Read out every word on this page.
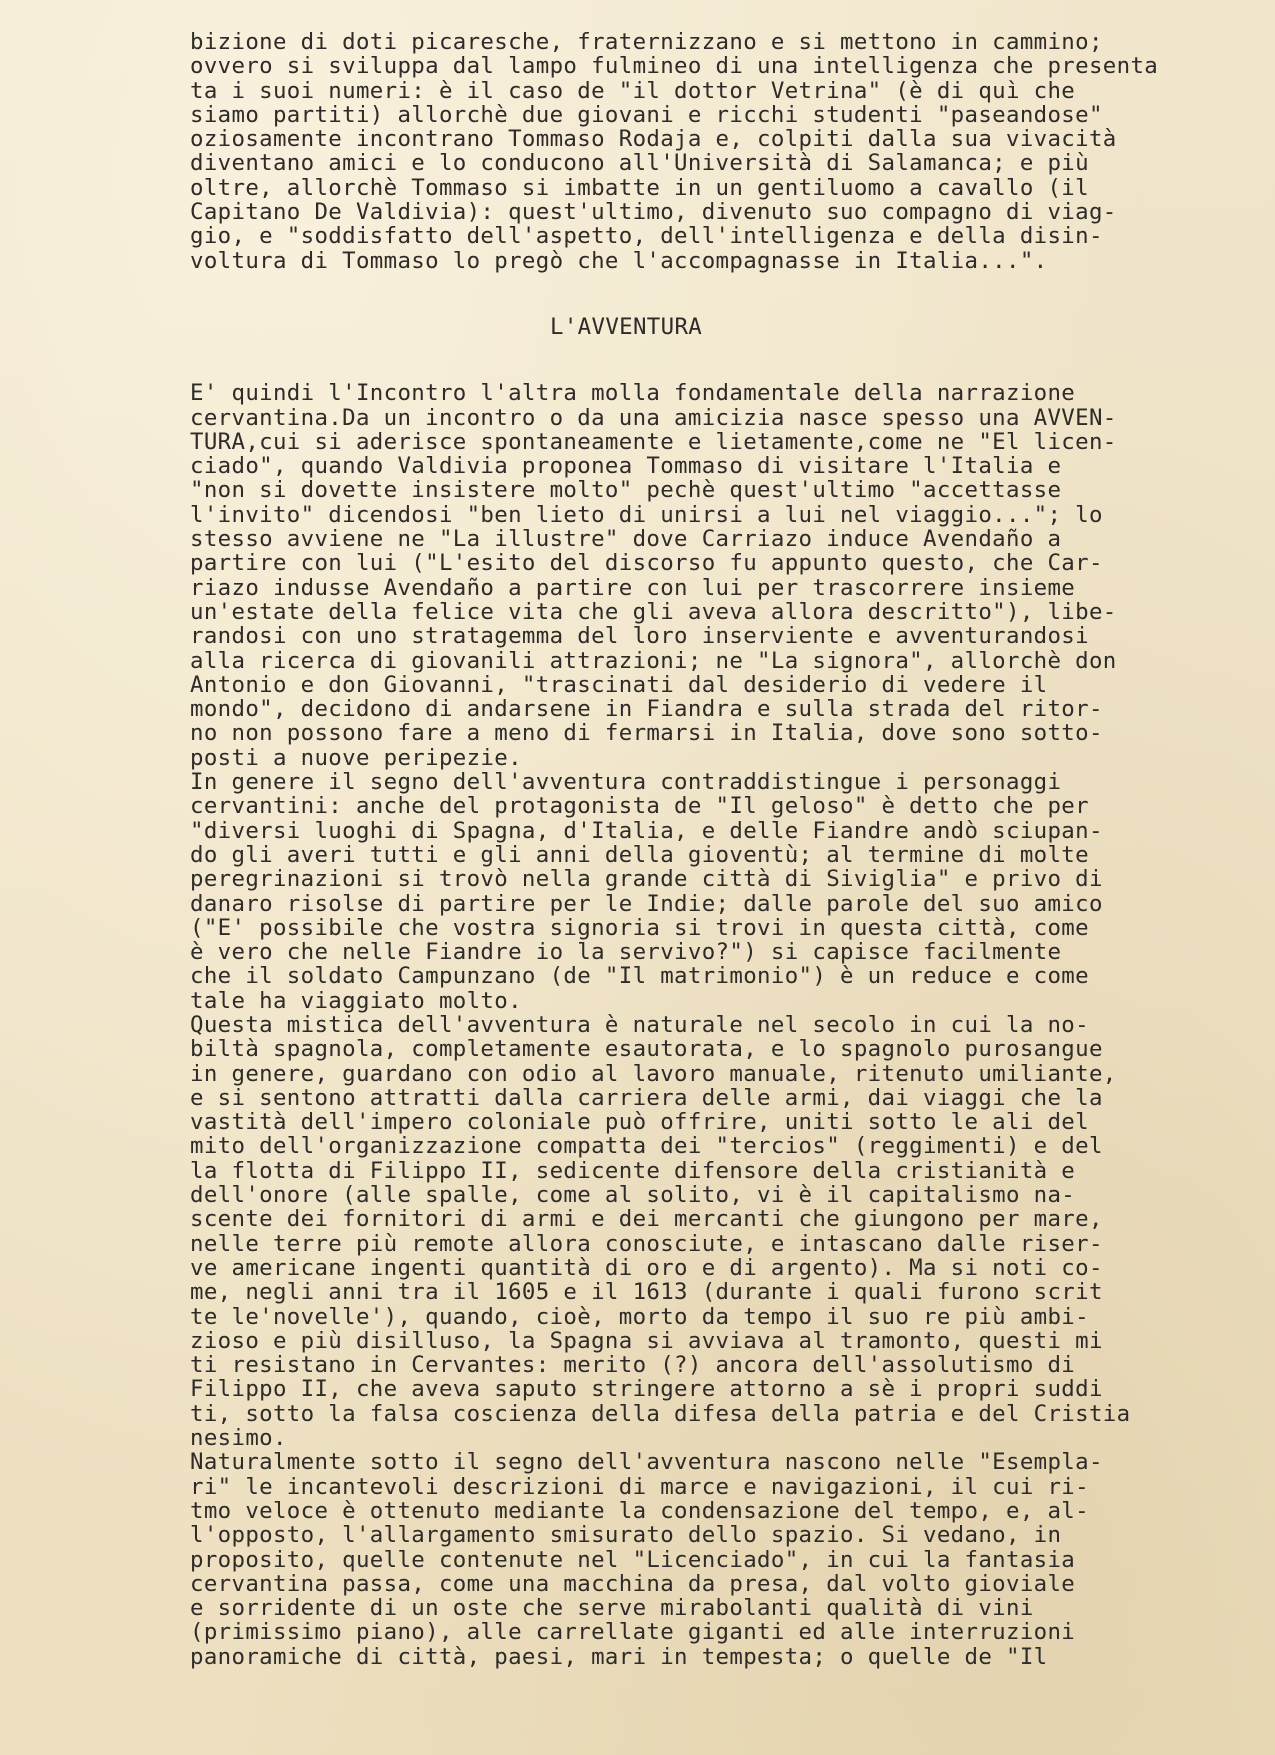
bizione di doti picaresche, fraternizzano e si mettono in cammino;
ovvero si sviluppa dal lampo fulmineo di una intelligenza che presenta
ta i suoi numeri: è il caso de "il dottor Vetrina" (è di quì che
siamo partiti) allorchè due giovani e ricchi studenti "paseandose"
oziosamente incontrano Tommaso Rodaja e, colpiti dalla sua vivacità
diventano amici e lo conducono all'Università di Salamanca; e più
oltre, allorchè Tommaso si imbatte in un gentiluomo a cavallo (il
Capitano De Valdivia): quest'ultimo, divenuto suo compagno di viag-
gio, e "soddisfatto dell'aspetto, dell'intelligenza e della disin-
voltura di Tommaso lo pregò che l'accompagnasse in Italia...".
L'AVVENTURA
E' quindi l'Incontro l'altra molla fondamentale della narrazione
cervantina.Da un incontro o da una amicizia nasce spesso una AVVEN-
TURA,cui si aderisce spontaneamente e lietamente,come ne "El licen-
ciado", quando Valdivia proponea Tommaso di visitare l'Italia e
"non si dovette insistere molto" pechè quest'ultimo "accettasse
l'invito" dicendosi "ben lieto di unirsi a lui nel viaggio..."; lo
stesso avviene ne "La illustre" dove Carriazo induce Avendaño a
partire con lui ("L'esito del discorso fu appunto questo, che Car-
riazo indusse Avendaño a partire con lui per trascorrere insieme
un'estate della felice vita che gli aveva allora descritto"), libe-
randosi con uno stratagemma del loro inserviente e avventurandosi
alla ricerca di giovanili attrazioni; ne "La signora", allorchè don
Antonio e don Giovanni, "trascinati dal desiderio di vedere il
mondo", decidono di andarsene in Fiandra e sulla strada del ritor-
no non possono fare a meno di fermarsi in Italia, dove sono sotto-
posti a nuove peripezie.
In genere il segno dell'avventura contraddistingue i personaggi
cervantini: anche del protagonista de "Il geloso" è detto che per
"diversi luoghi di Spagna, d'Italia, e delle Fiandre andò sciupan-
do gli averi tutti e gli anni della gioventù; al termine di molte
peregrinazioni si trovò nella grande città di Siviglia" e privo di
danaro risolse di partire per le Indie; dalle parole del suo amico
("E' possibile che vostra signoria si trovi in questa città, come
è vero che nelle Fiandre io la servivo?") si capisce facilmente
che il soldato Campunzano (de "Il matrimonio") è un reduce e come
tale ha viaggiato molto.
Questa mistica dell'avventura è naturale nel secolo in cui la no-
biltà spagnola, completamente esautorata, e lo spagnolo purosangue
in genere, guardano con odio al lavoro manuale, ritenuto umiliante,
e si sentono attratti dalla carriera delle armi, dai viaggi che la
vastità dell'impero coloniale può offrire, uniti sotto le ali del
mito dell'organizzazione compatta dei "tercios" (reggimenti) e del
la flotta di Filippo II, sedicente difensore della cristianità e
dell'onore (alle spalle, come al solito, vi è il capitalismo na-
scente dei fornitori di armi e dei mercanti che giungono per mare,
nelle terre più remote allora conosciute, e intascano dalle riser-
ve americane ingenti quantità di oro e di argento). Ma si noti co-
me, negli anni tra il 1605 e il 1613 (durante i quali furono scrit
te le'novelle'), quando, cioè, morto da tempo il suo re più ambi-
zioso e più disilluso, la Spagna si avviava al tramonto, questi mi
ti resistano in Cervantes: merito (?) ancora dell'assolutismo di
Filippo II, che aveva saputo stringere attorno a sè i propri suddi
ti, sotto la falsa coscienza della difesa della patria e del Cristia
nesimo.
Naturalmente sotto il segno dell'avventura nascono nelle "Esempla-
ri" le incantevoli descrizioni di marce e navigazioni, il cui ri-
tmo veloce è ottenuto mediante la condensazione del tempo, e, al-
l'opposto, l'allargamento smisurato dello spazio. Si vedano, in
proposito, quelle contenute nel "Licenciado", in cui la fantasia
cervantina passa, come una macchina da presa, dal volto gioviale
e sorridente di un oste che serve mirabolanti qualità di vini
(primissimo piano), alle carrellate giganti ed alle interruzioni
panoramiche di città, paesi, mari in tempesta; o quelle de "Il
